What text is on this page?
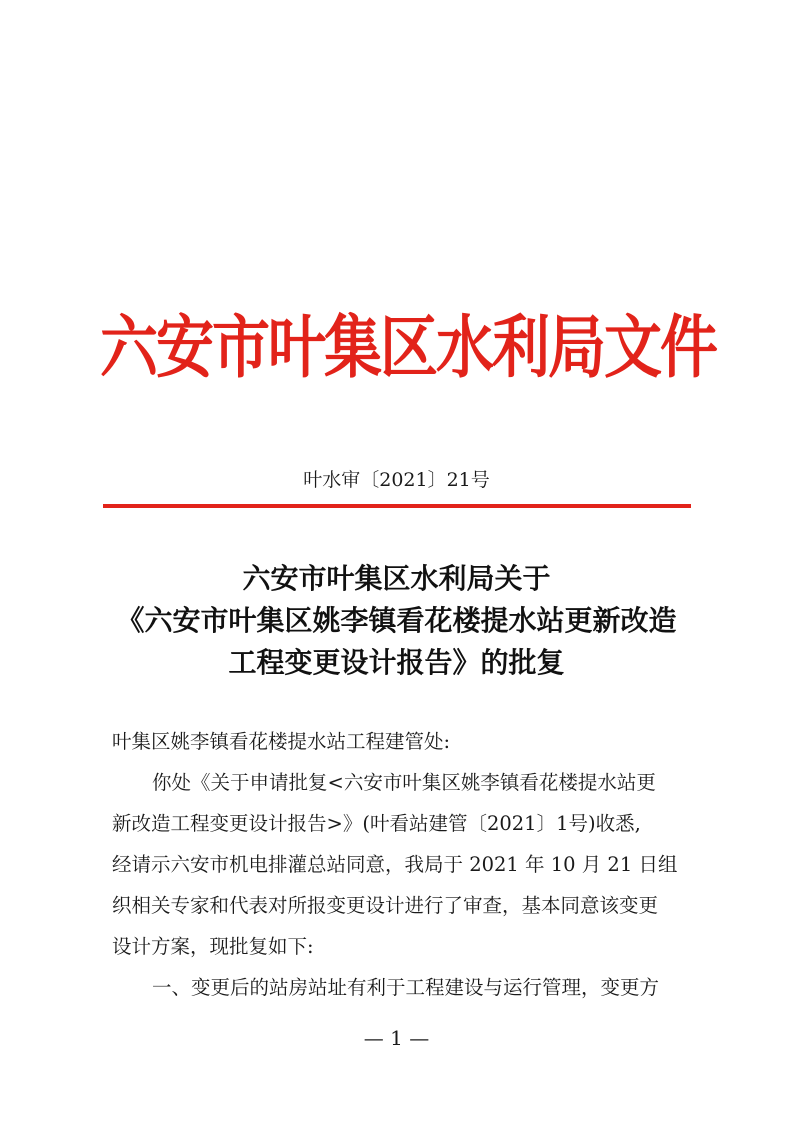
六安市叶集区水利局文件
叶水审〔2021〕21号
六安市叶集区水利局关于
《六安市叶集区姚李镇看花楼提水站更新改造
工程变更设计报告》的批复
叶集区姚李镇看花楼提水站工程建管处:
你处《关于申请批复<六安市叶集区姚李镇看花楼提水站更
新改造工程变更设计报告>》(叶看站建管〔2021〕1号)收悉,
经请示六安市机电排灌总站同意，我局于 2021 年 10 月 21 日组
织相关专家和代表对所报变更设计进行了审查，基本同意该变更
设计方案，现批复如下:
一、变更后的站房站址有利于工程建设与运行管理，变更方
— 1 —
